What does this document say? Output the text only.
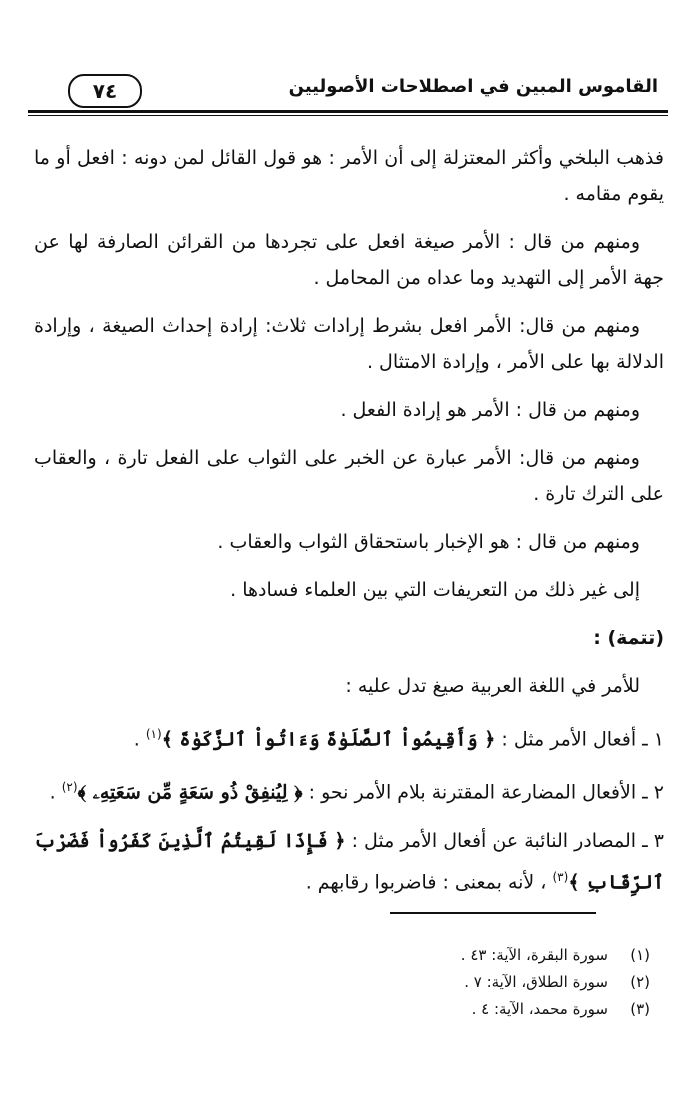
٧٤	القاموس المبين في اصطلاحات الأصوليين

فذهب البلخي وأكثر المعتزلة إلى أن الأمر : هو قول القائل لمن دونه : افعل أو ما يقوم مقامه .

ومنهم من قال : الأمر صيغة افعل على تجردها من القرائن الصارفة لها عن جهة الأمر إلى التهديد وما عداه من المحامل .

ومنهم من قال: الأمر افعل بشرط إرادات ثلاث: إرادة إحداث الصيغة ، وإرادة الدلالة بها على الأمر ، وإرادة الامتثال .

ومنهم من قال : الأمر هو إرادة الفعل .

ومنهم من قال: الأمر عبارة عن الخبر على الثواب على الفعل تارة ، والعقاب على الترك تارة .

ومنهم من قال : هو الإخبار باستحقاق الثواب والعقاب .

إلى غير ذلك من التعريفات التي بين العلماء فسادها .

(تتمة) :

للأمر في اللغة العربية صيغ تدل عليه :

١ ـ أفعال الأمر مثل : ﴿ وَأَقِيمُواْ ٱلصَّلَوٰةَ وَءَاتُواْ ٱلزَّكَوٰةَ ﴾$^{(١)}$ .

٢ ـ الأفعال المضارعة المقترنة بلام الأمر نحو : ﴿ لِيُنفِقْ ذُو سَعَةٍ مِّن سَعَتِهِۦ ﴾$^{(٢)}$ .

٣ ـ المصادر النائبة عن أفعال الأمر مثل : ﴿ فَإِذَا لَقِيتُمُ ٱلَّذِينَ كَفَرُواْ فَضَرْبَ ٱلرِّقَابِ ﴾$^{(٣)}$ ، لأنه بمعنى : فاضربوا رقابهم .

(١)
سورة البقرة، الآية: ٤٣ .
(٢)
سورة الطلاق، الآية: ٧ .
(٣)
سورة محمد، الآية: ٤ .
